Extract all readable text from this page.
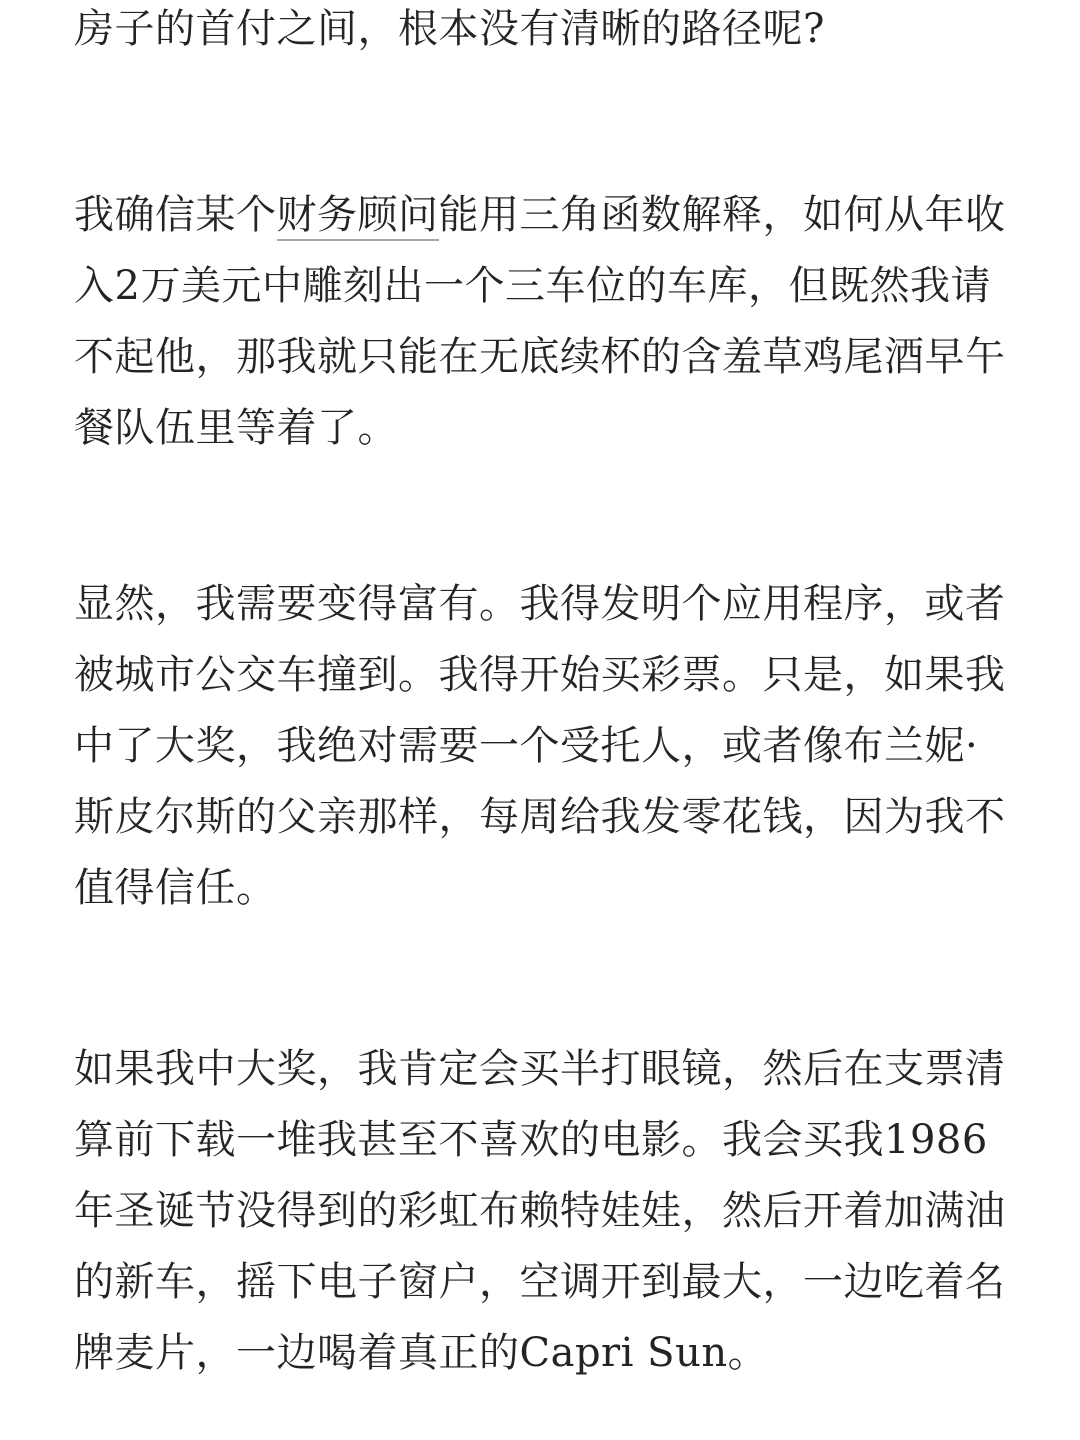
房子的首付之间，根本没有清晰的路径呢?

我确信某个财务顾问能用三角函数解释，如何从年收入2万美元中雕刻出一个三车位的车库，但既然我请不起他，那我就只能在无底续杯的含羞草鸡尾酒早午餐队伍里等着了。

显然，我需要变得富有。我得发明个应用程序，或者被城市公交车撞到。我得开始买彩票。只是，如果我中了大奖，我绝对需要一个受托人，或者像布兰妮·斯皮尔斯的父亲那样，每周给我发零花钱，因为我不值得信任。

如果我中大奖，我肯定会买半打眼镜，然后在支票清算前下载一堆我甚至不喜欢的电影。我会买我1986年圣诞节没得到的彩虹布赖特娃娃，然后开着加满油的新车，摇下电子窗户，空调开到最大，一边吃着名牌麦片，一边喝着真正的Capri Sun。
